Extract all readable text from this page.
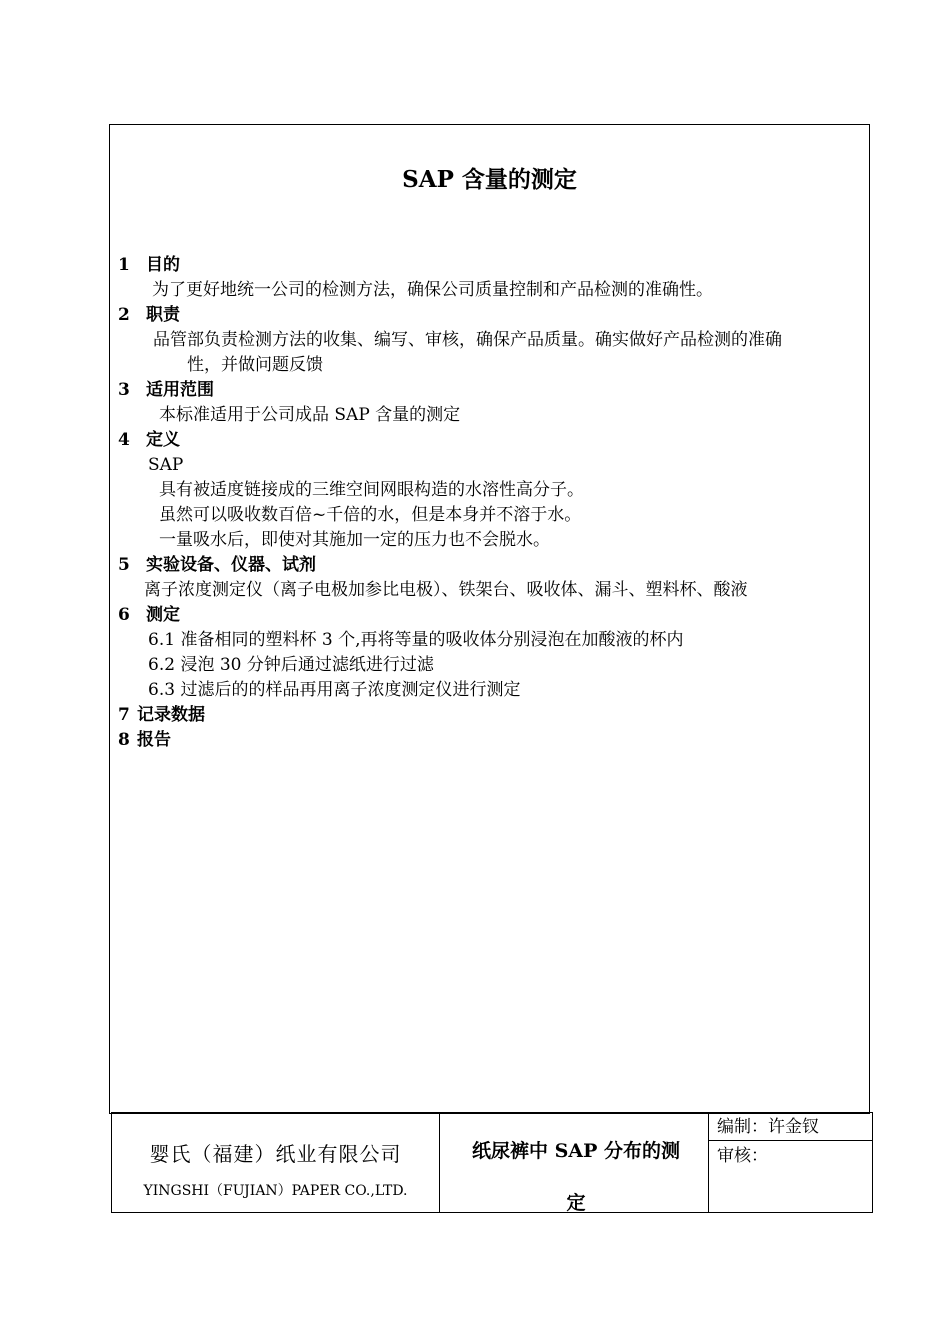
SAP 含量的测定
1 目的
为了更好地统一公司的检测方法，确保公司质量控制和产品检测的准确性。
2 职责
品管部负责检测方法的收集、编写、审核，确保产品质量。确实做好产品检测的准确
性，并做问题反馈
3 适用范围
本标准适用于公司成品 SAP 含量的测定
4 定义
SAP
具有被适度链接成的三维空间网眼构造的水溶性高分子。
虽然可以吸收数百倍~千倍的水，但是本身并不溶于水。
一量吸水后，即使对其施加一定的压力也不会脱水。
5 实验设备、仪器、试剂
离子浓度测定仪（离子电极加参比电极）、铁架台、吸收体、漏斗、塑料杯、酸液
6 测定
6.1 准备相同的塑料杯 3 个,再将等量的吸收体分别浸泡在加酸液的杯内
6.2 浸泡 30 分钟后通过滤纸进行过滤
6.3 过滤后的的样品再用离子浓度测定仪进行测定
7 记录数据
8 报告
婴氏（福建）纸业有限公司
YINGSHI（FUJIAN）PAPER CO.,LTD.
纸尿裤中 SAP 分布的测
定
编制：许金钗
审核：
